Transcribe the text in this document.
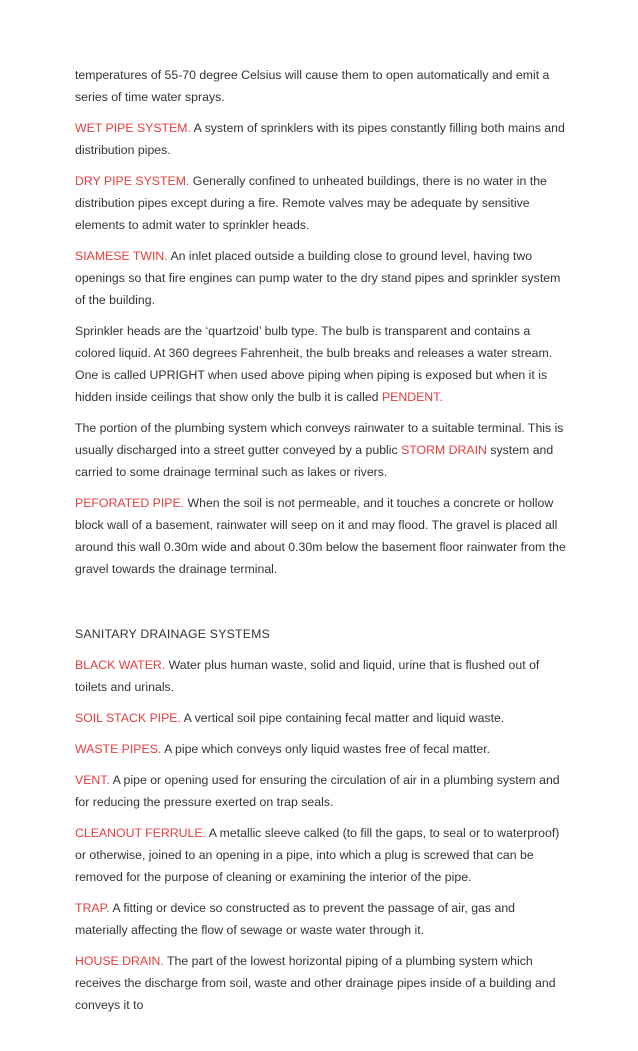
temperatures of 55-70 degree Celsius will cause them to open automatically and emit a series of time water sprays.

WET PIPE SYSTEM. A system of sprinklers with its pipes constantly filling both mains and distribution pipes.

DRY PIPE SYSTEM. Generally confined to unheated buildings, there is no water in the distribution pipes except during a fire. Remote valves may be adequate by sensitive elements to admit water to sprinkler heads.

SIAMESE TWIN. An inlet placed outside a building close to ground level, having two openings so that fire engines can pump water to the dry stand pipes and sprinkler system of the building.

Sprinkler heads are the ‘quartzoid’ bulb type. The bulb is transparent and contains a colored liquid. At 360 degrees Fahrenheit, the bulb breaks and releases a water stream. One is called UPRIGHT when used above piping when piping is exposed but when it is hidden inside ceilings that show only the bulb it is called PENDENT.

The portion of the plumbing system which conveys rainwater to a suitable terminal. This is usually discharged into a street gutter conveyed by a public STORM DRAIN system and carried to some drainage terminal such as lakes or rivers.

PEFORATED PIPE. When the soil is not permeable, and it touches a concrete or hollow block wall of a basement, rainwater will seep on it and may flood. The gravel is placed all around this wall 0.30m wide and about 0.30m below the basement floor rainwater from the gravel towards the drainage terminal.

SANITARY DRAINAGE SYSTEMS

BLACK WATER. Water plus human waste, solid and liquid, urine that is flushed out of toilets and urinals.

SOIL STACK PIPE. A vertical soil pipe containing fecal matter and liquid waste.

WASTE PIPES. A pipe which conveys only liquid wastes free of fecal matter.

VENT. A pipe or opening used for ensuring the circulation of air in a plumbing system and for reducing the pressure exerted on trap seals.

CLEANOUT FERRULE. A metallic sleeve calked (to fill the gaps, to seal or to waterproof) or otherwise, joined to an opening in a pipe, into which a plug is screwed that can be removed for the purpose of cleaning or examining the interior of the pipe.

TRAP. A fitting or device so constructed as to prevent the passage of air, gas and materially affecting the flow of sewage or waste water through it.

HOUSE DRAIN. The part of the lowest horizontal piping of a plumbing system which receives the discharge from soil, waste and other drainage pipes inside of a building and conveys it to
